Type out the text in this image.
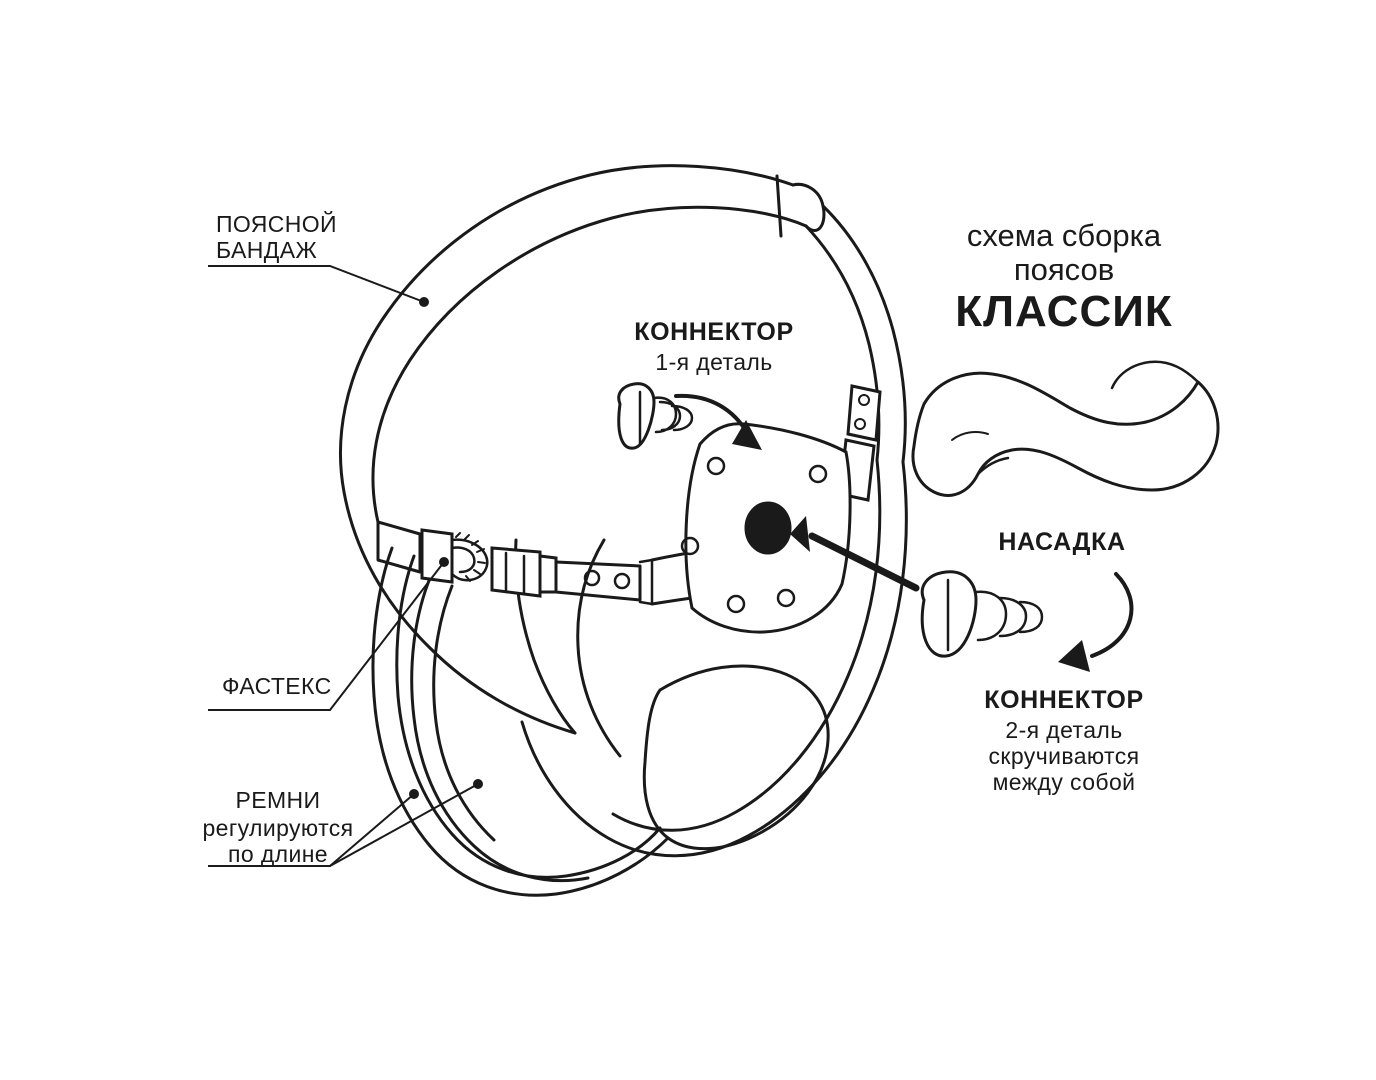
ПОЯСНОЙ
БАНДАЖ
КОННЕКТОР
1-я деталь
ФАСТЕКС
РЕМНИ
регулируются
по длине
НАСАДКА
КОННЕКТОР
2-я деталь
скручиваются
между собой
схема сборка
поясов
КЛАССИК
